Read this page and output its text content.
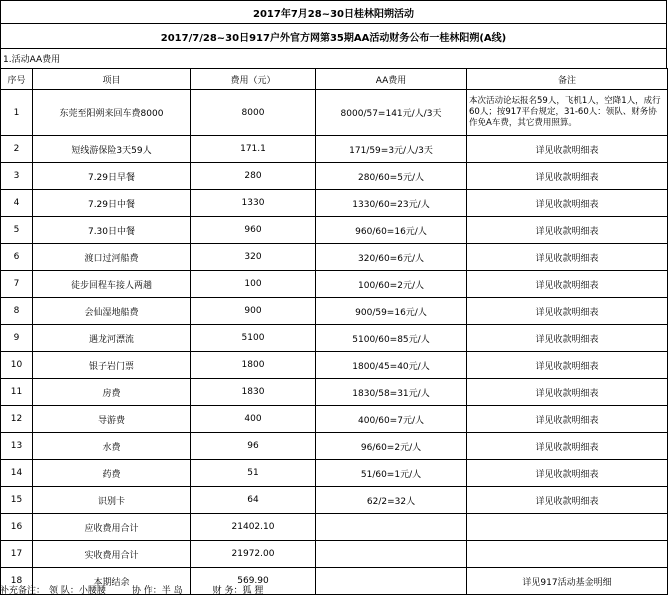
2017年7月28~30日桂林阳朔活动
2017/7/28~30日917户外官方网第35期AA活动财务公布一桂林阳朔(A线)
1.活动AA费用
序号	项目	费用（元）	AA费用	备注
1	东莞至阳朔来回车费8000	8000	8000/57=141元/人/3天	本次活动论坛报名59人，飞机1人，空降1人，成行60人；按917平台规定，31-60人：领队、财务协作免A车费，其它费用照算。
2	短线游保险3天59人	171.1	171/59=3元/人/3天	详见收款明细表
3	7.29日早餐	280	280/60=5元/人	详见收款明细表
4	7.29日中餐	1330	1330/60=23元/人	详见收款明细表
5	7.30日中餐	960	960/60=16元/人	详见收款明细表
6	渡口过河船费	320	320/60=6元/人	详见收款明细表
7	徒步回程车接人两趟	100	100/60=2元/人	详见收款明细表
8	会仙湿地船费	900	900/59=16元/人	详见收款明细表
9	遇龙河漂流	5100	5100/60=85元/人	详见收款明细表
10	银子岩门票	1800	1800/45=40元/人	详见收款明细表
11	房费	1830	1830/58=31元/人	详见收款明细表
12	导游费	400	400/60=7元/人	详见收款明细表
13	水费	96	96/60=2元/人	详见收款明细表
14	药费	51	51/60=1元/人	详见收款明细表
15	识别卡	64	62/2=32人	详见收款明细表
16	应收费用合计	21402.10		
17	实收费用合计	21972.00		
18	本期结余	569.90		详见917活动基金明细
补充备注： 领 队：小腰腰	协 作：半 岛	财 务：狐 狸
